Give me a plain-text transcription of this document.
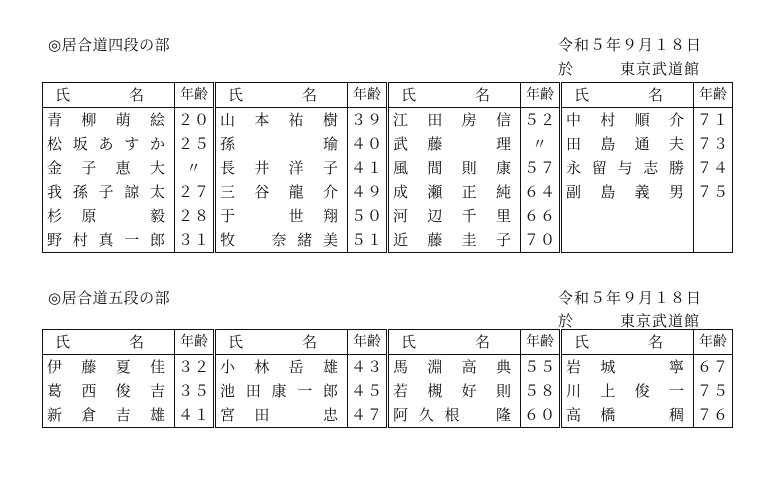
◎居合道四段の部	令和５年９月１８日
於	東京武道館
氏　名	年齢	氏　名	年齢	氏　名	年齢	氏　名	年齢

青柳萌絵	２０	山本祐樹	３９	江田房信	５２	中村順介	７１

松坂あすか	２５	孫　瑜	４０	武藤　理	〃	田島通夫	７３

金子恵大	〃	長井洋子	４１	風間則康	５７	永留与志勝	７４

我孫子諒太	２７	三谷龍介	４９	成瀬正純	６４	副島義男	７５

杉原　毅	２８	于　世翔	５０	河辺千里	６６	

野村真一郎	３１	牧　奈緒美	５１	近藤圭子	７０	

◎居合道五段の部	令和５年９月１８日
於	東京武道館
氏　名	年齢	氏　名	年齢	氏　名	年齢	氏　名	年齢

伊藤夏佳	３２	小林岳雄	４３	馬淵高典	５５	岩城　寧	６７

葛西俊吉	３５	池田康一郎	４５	若槻好則	５８	川上俊一	７５

新倉吉雄	４１	宮田　忠	４７	阿久根　隆	６０	高橋　稠	７６
